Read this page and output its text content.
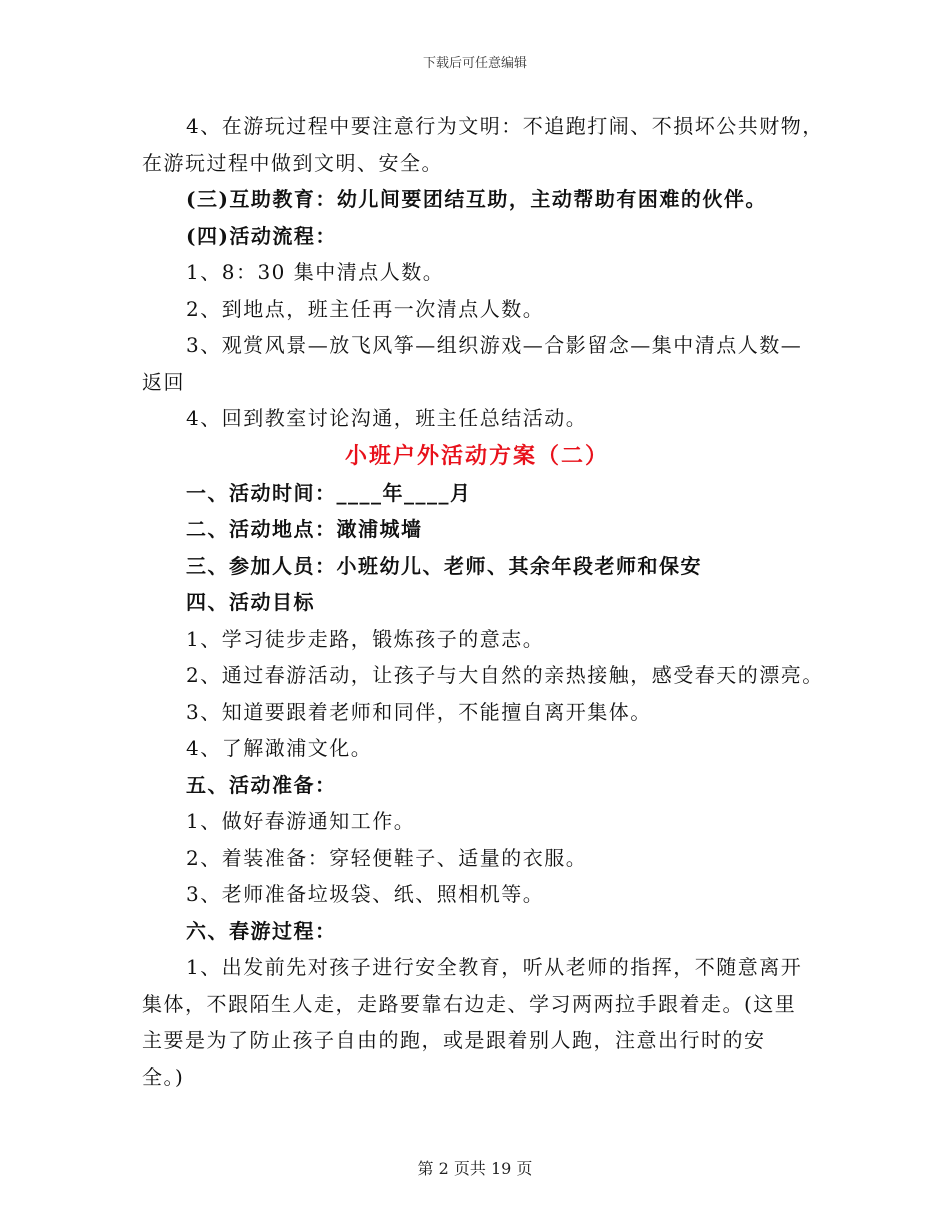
下载后可任意编辑

4、在游玩过程中要注意行为文明：不追跑打闹、不损坏公共财物，

在游玩过程中做到文明、安全。

(三)互助教育：幼儿间要团结互助，主动帮助有困难的伙伴。

(四)活动流程：

1、8：30 集中清点人数。

2、到地点，班主任再一次清点人数。

3、观赏风景—放飞风筝—组织游戏—合影留念—集中清点人数—

返回

4、回到教室讨论沟通，班主任总结活动。

小班户外活动方案（二）

一、活动时间：____年____月

二、活动地点：澉浦城墙

三、参加人员：小班幼儿、老师、其余年段老师和保安

四、活动目标

1、学习徒步走路，锻炼孩子的意志。

2、通过春游活动，让孩子与大自然的亲热接触，感受春天的漂亮。

3、知道要跟着老师和同伴，不能擅自离开集体。

4、了解澉浦文化。

五、活动准备：

1、做好春游通知工作。

2、着装准备：穿轻便鞋子、适量的衣服。

3、老师准备垃圾袋、纸、照相机等。

六、春游过程：

1、出发前先对孩子进行安全教育，听从老师的指挥，不随意离开

集体，不跟陌生人走，走路要靠右边走、学习两两拉手跟着走。(这里

主要是为了防止孩子自由的跑，或是跟着别人跑，注意出行时的安

全。)

第 2 页共 19 页
